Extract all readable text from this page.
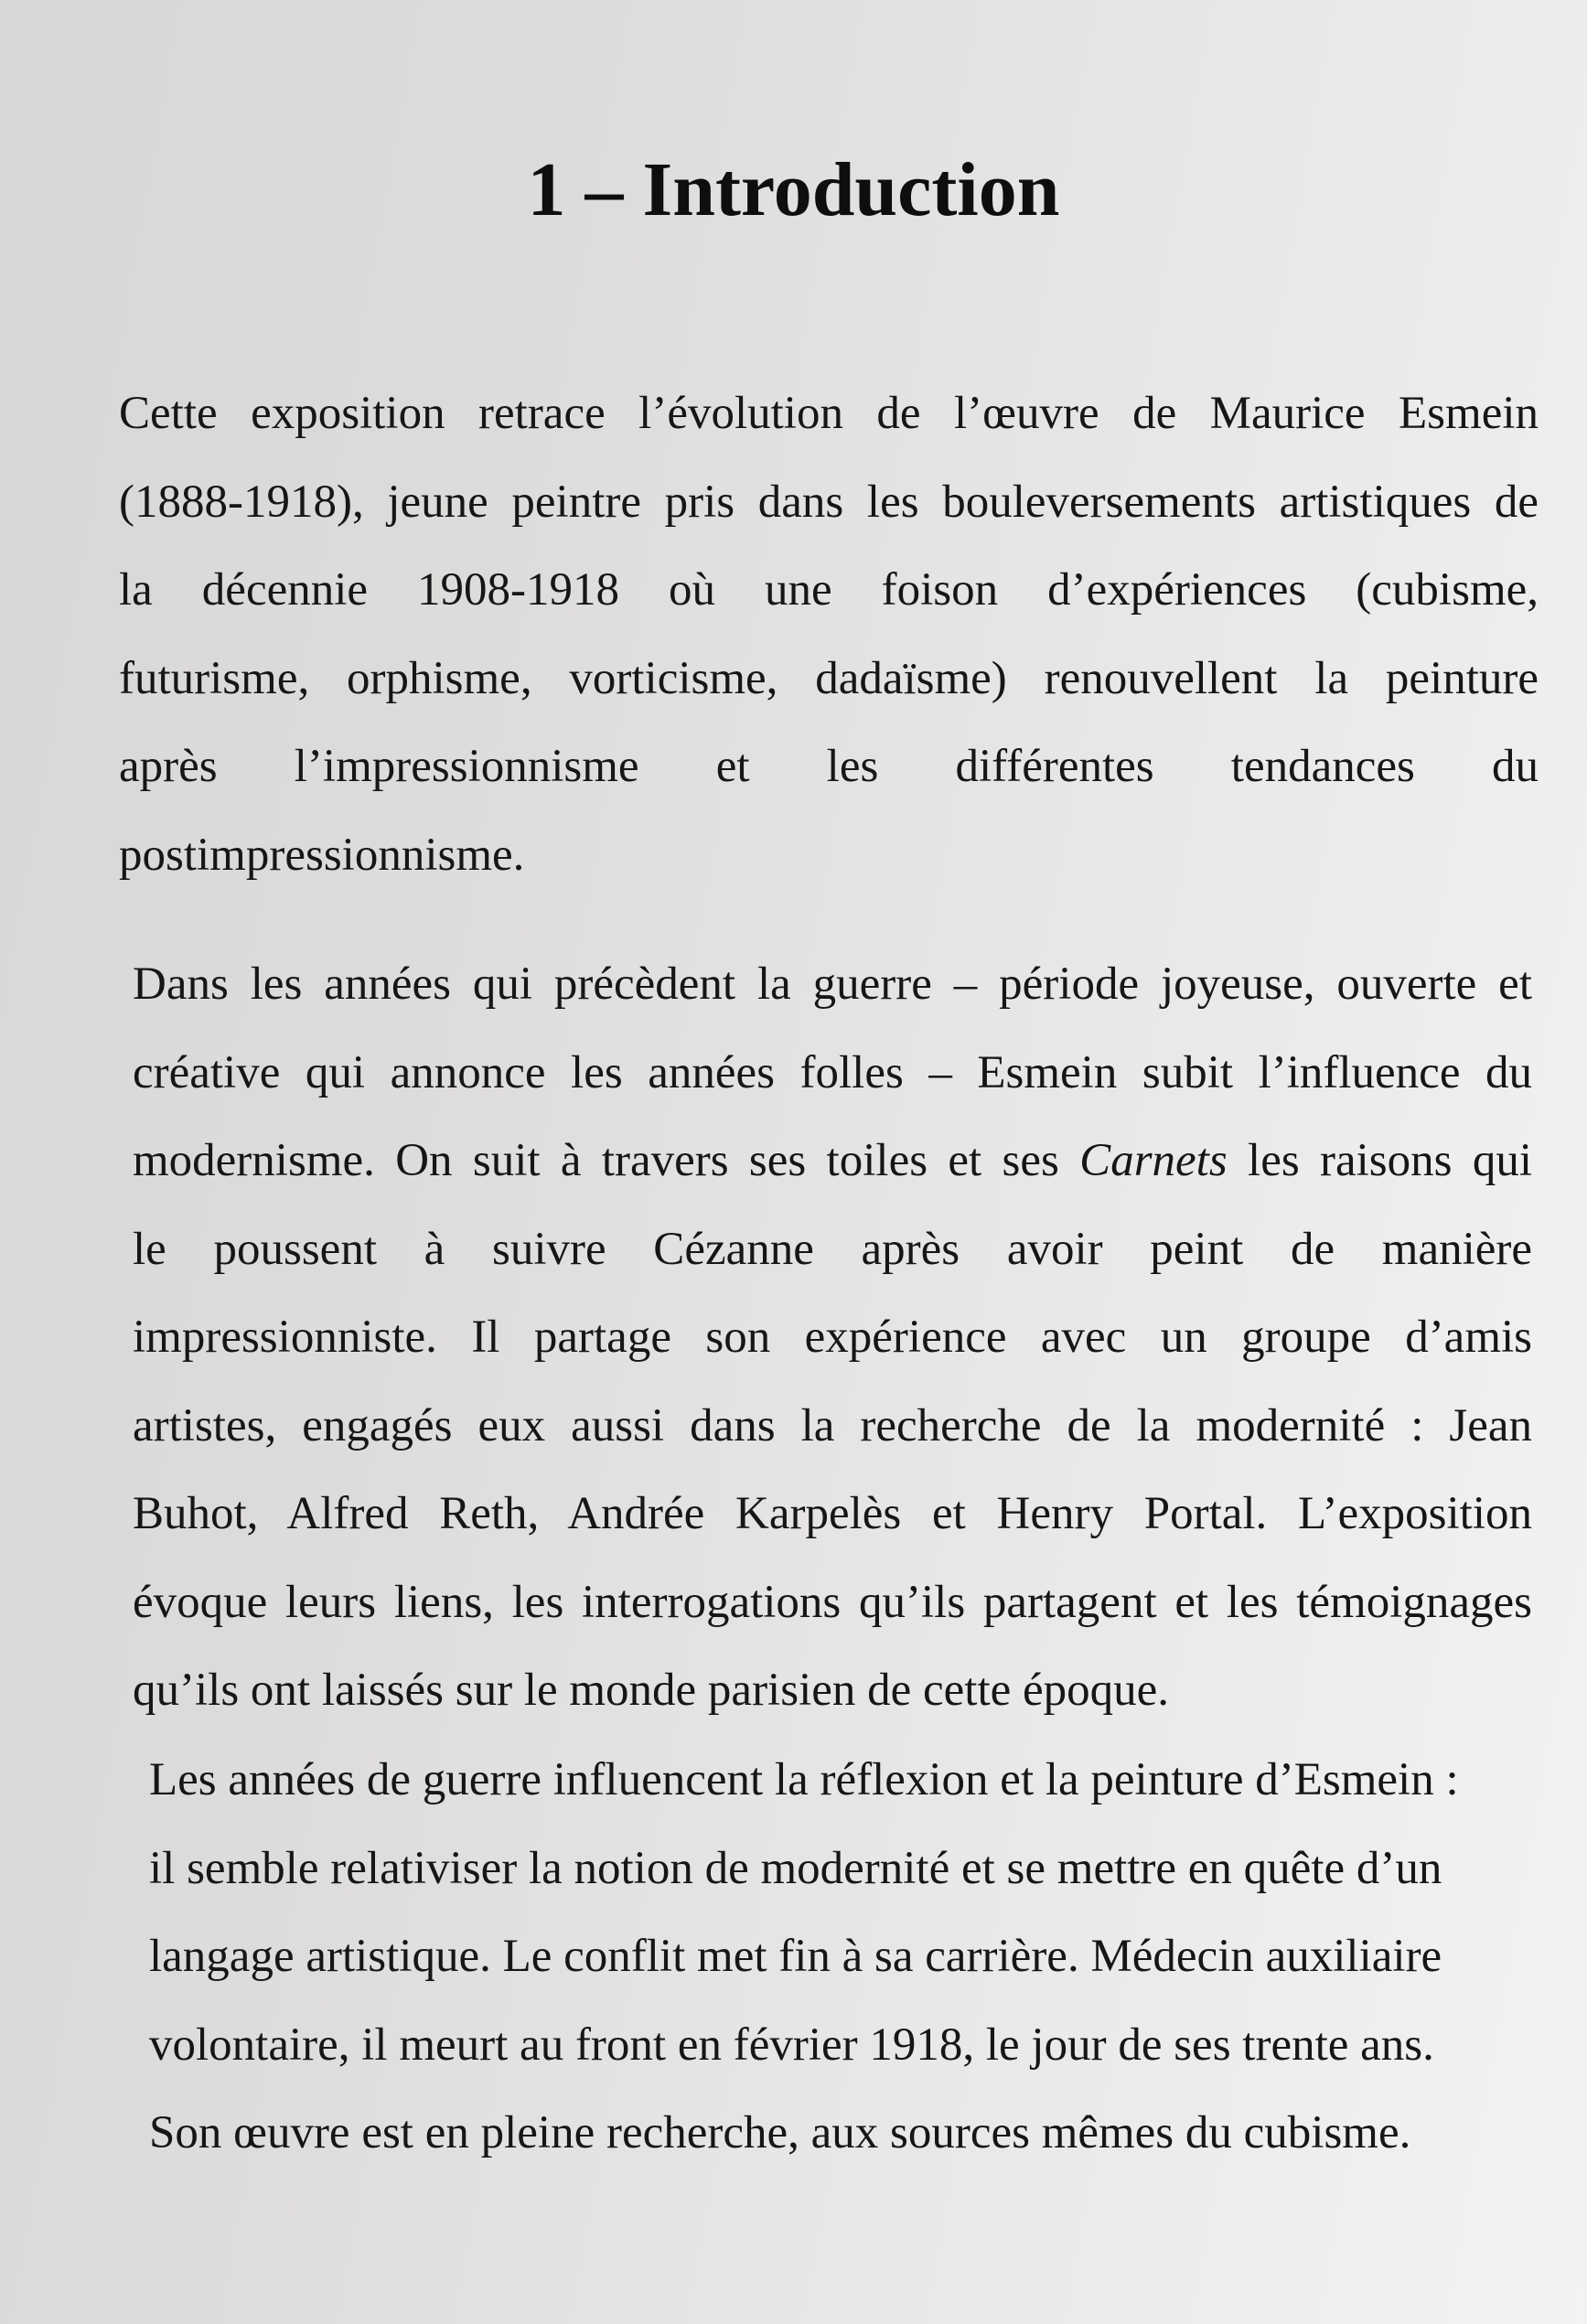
1 – Introduction

Cette exposition retrace l’évolution de l’œuvre de Maurice Esmein
(1888-1918), jeune peintre pris dans les bouleversements artistiques de
la décennie 1908-1918 où une foison d’expériences (cubisme,
futurisme, orphisme, vorticisme, dadaïsme) renouvellent la peinture
après l’impressionnisme et les différentes tendances du
postimpressionnisme.

Dans les années qui précèdent la guerre – période joyeuse, ouverte et
créative qui annonce les années folles – Esmein subit l’influence du
modernisme. On suit à travers ses toiles et ses Carnets les raisons qui
le poussent à suivre Cézanne après avoir peint de manière
impressionniste. Il partage son expérience avec un groupe d’amis
artistes, engagés eux aussi dans la recherche de la modernité : Jean
Buhot, Alfred Reth, Andrée Karpelès et Henry Portal. L’exposition
évoque leurs liens, les interrogations qu’ils partagent et les témoignages
qu’ils ont laissés sur le monde parisien de cette époque.

Les années de guerre influencent la réflexion et la peinture d’Esmein :
il semble relativiser la notion de modernité et se mettre en quête d’un
langage artistique. Le conflit met fin à sa carrière. Médecin auxiliaire
volontaire, il meurt au front en février 1918, le jour de ses trente ans.
Son œuvre est en pleine recherche, aux sources mêmes du cubisme.
